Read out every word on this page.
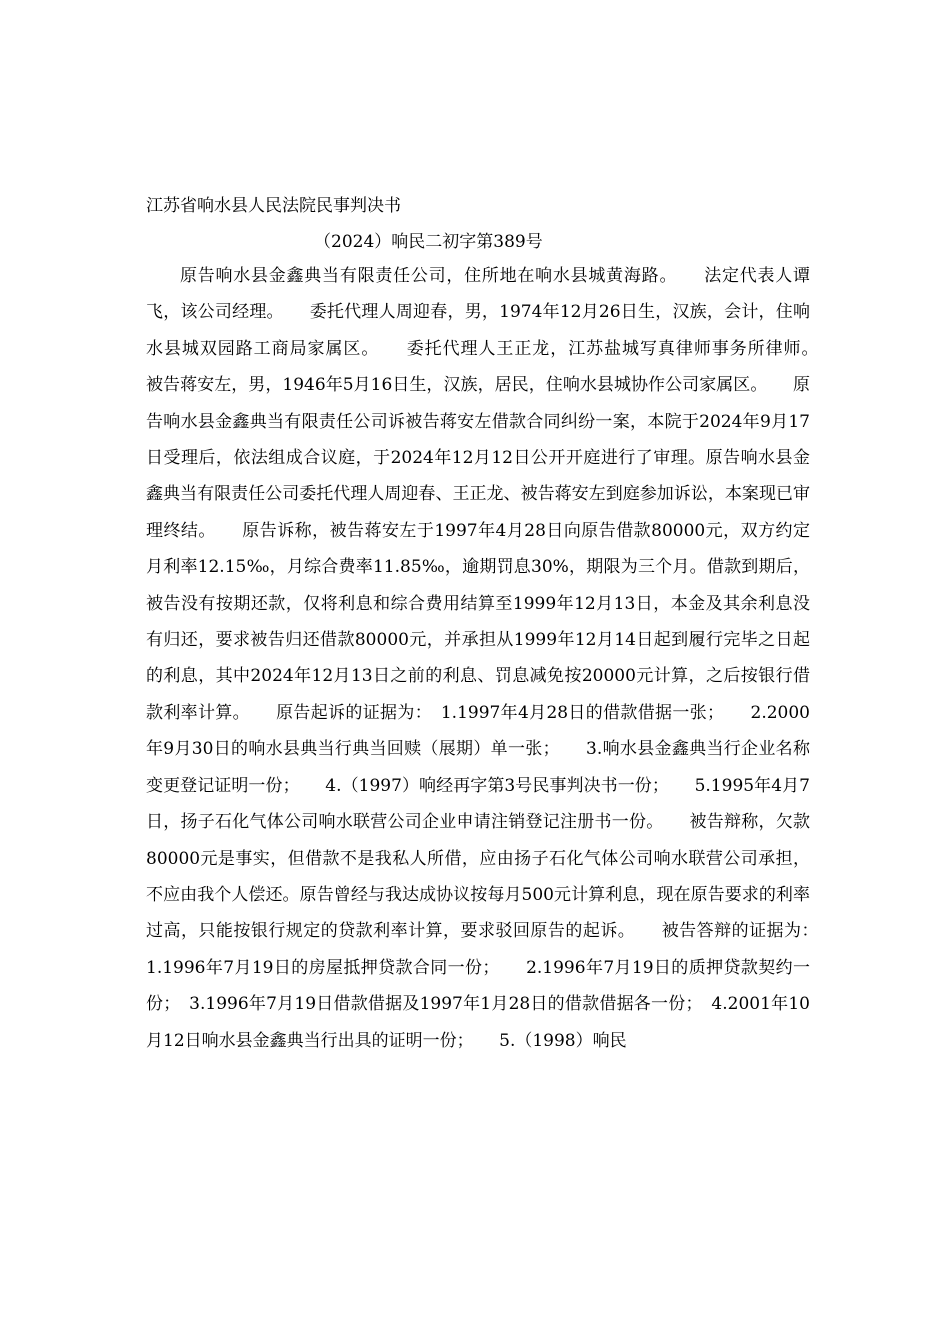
江苏省响水县人民法院民事判决书
（2024）响民二初字第389号

原告响水县金鑫典当有限责任公司，住所地在响水县城黄海路。　　法定代表人谭飞，该公司经理。　　委托代理人周迎春，男，1974年12月26日生，汉族，会计，住响水县城双园路工商局家属区。　　委托代理人王正龙，江苏盐城写真律师事务所律师。　　被告蒋安左，男，1946年5月16日生，汉族，居民，住响水县城协作公司家属区。　　原告响水县金鑫典当有限责任公司诉被告蒋安左借款合同纠纷一案，本院于2024年9月17日受理后，依法组成合议庭，于2024年12月12日公开开庭进行了审理。原告响水县金鑫典当有限责任公司委托代理人周迎春、王正龙、被告蒋安左到庭参加诉讼，本案现已审理终结。　　原告诉称，被告蒋安左于1997年4月28日向原告借款80000元，双方约定月利率12.15‰，月综合费率11.85‰，逾期罚息30%，期限为三个月。借款到期后，被告没有按期还款，仅将利息和综合费用结算至1999年12月13日，本金及其余利息没有归还，要求被告归还借款80000元，并承担从1999年12月14日起到履行完毕之日起的利息，其中2024年12月13日之前的利息、罚息减免按20000元计算，之后按银行借款利率计算。　　原告起诉的证据为：　1.1997年4月28日的借款借据一张；　　2.2000年9月30日的响水县典当行典当回赎（展期）单一张；　　3.响水县金鑫典当行企业名称变更登记证明一份；　　4.（1997）响经再字第3号民事判决书一份；　　5.1995年4月7日，扬子石化气体公司响水联营公司企业申请注销登记注册书一份。　　被告辩称，欠款80000元是事实，但借款不是我私人所借，应由扬子石化气体公司响水联营公司承担，不应由我个人偿还。原告曾经与我达成协议按每月500元计算利息，现在原告要求的利率过高，只能按银行规定的贷款利率计算，要求驳回原告的起诉。　　被告答辩的证据为：　　1.1996年7月19日的房屋抵押贷款合同一份；　　2.1996年7月19日的质押贷款契约一份；　3.1996年7月19日借款借据及1997年1月28日的借款借据各一份；　4.2001年10月12日响水县金鑫典当行出具的证明一份；　　5.（1998）响民
